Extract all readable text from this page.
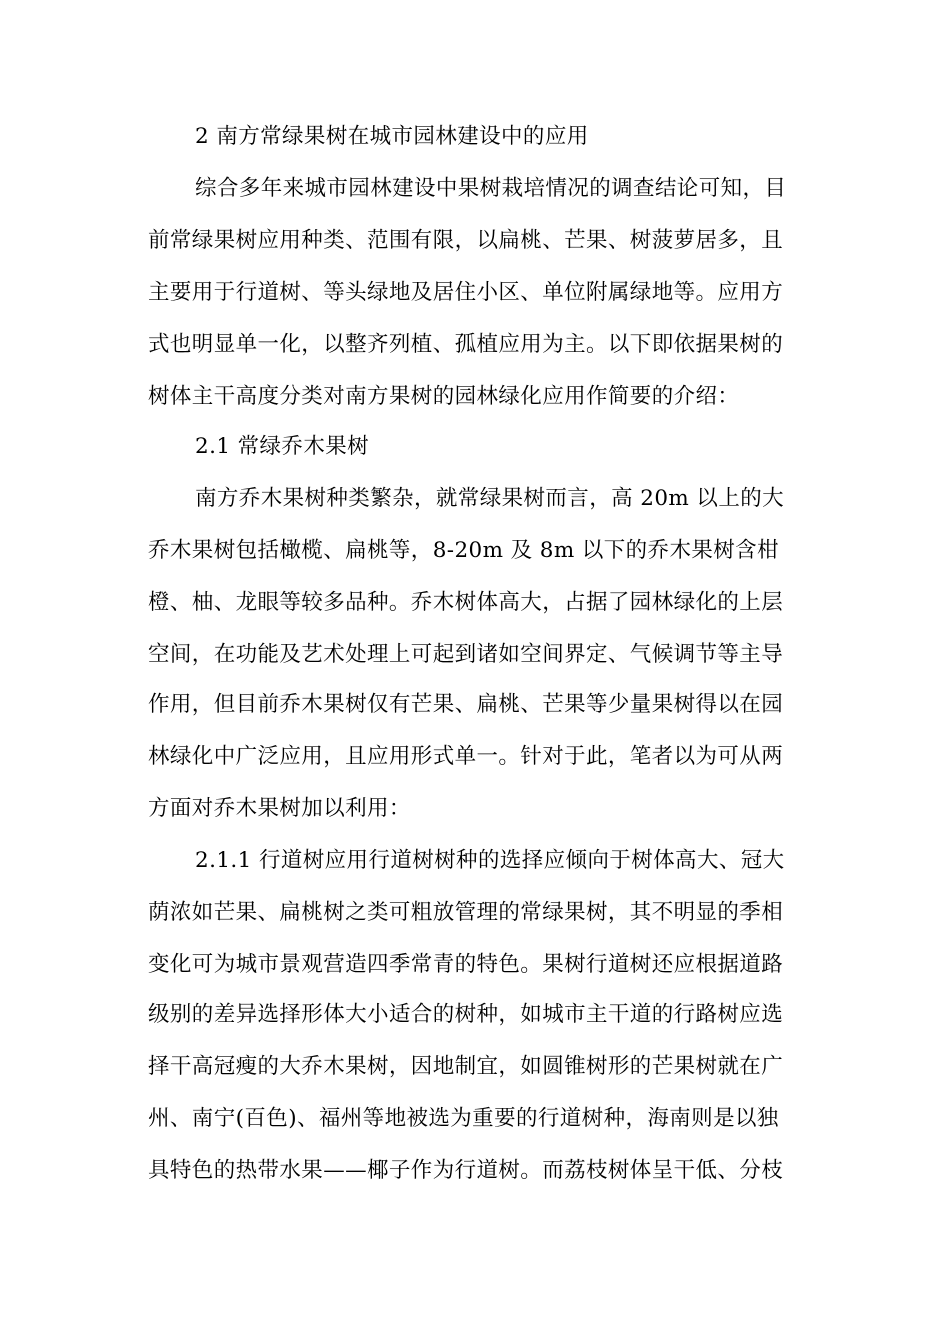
2 南方常绿果树在城市园林建设中的应用
综合多年来城市园林建设中果树栽培情况的调查结论可知，目
前常绿果树应用种类、范围有限，以扁桃、芒果、树菠萝居多，且
主要用于行道树、等头绿地及居住小区、单位附属绿地等。应用方
式也明显单一化，以整齐列植、孤植应用为主。以下即依据果树的
树体主干高度分类对南方果树的园林绿化应用作简要的介绍：
2.1 常绿乔木果树
南方乔木果树种类繁杂，就常绿果树而言，高 20m 以上的大
乔木果树包括橄榄、扁桃等，8-20m 及 8m 以下的乔木果树含柑
橙、柚、龙眼等较多品种。乔木树体高大，占据了园林绿化的上层
空间，在功能及艺术处理上可起到诸如空间界定、气候调节等主导
作用，但目前乔木果树仅有芒果、扁桃、芒果等少量果树得以在园
林绿化中广泛应用，且应用形式单一。针对于此，笔者以为可从两
方面对乔木果树加以利用：
2.1.1 行道树应用行道树树种的选择应倾向于树体高大、冠大
荫浓如芒果、扁桃树之类可粗放管理的常绿果树，其不明显的季相
变化可为城市景观营造四季常青的特色。果树行道树还应根据道路
级别的差异选择形体大小适合的树种，如城市主干道的行路树应选
择干高冠瘦的大乔木果树，因地制宜，如圆锥树形的芒果树就在广
州、南宁(百色)、福州等地被选为重要的行道树种，海南则是以独
具特色的热带水果——椰子作为行道树。而荔枝树体呈干低、分枝
